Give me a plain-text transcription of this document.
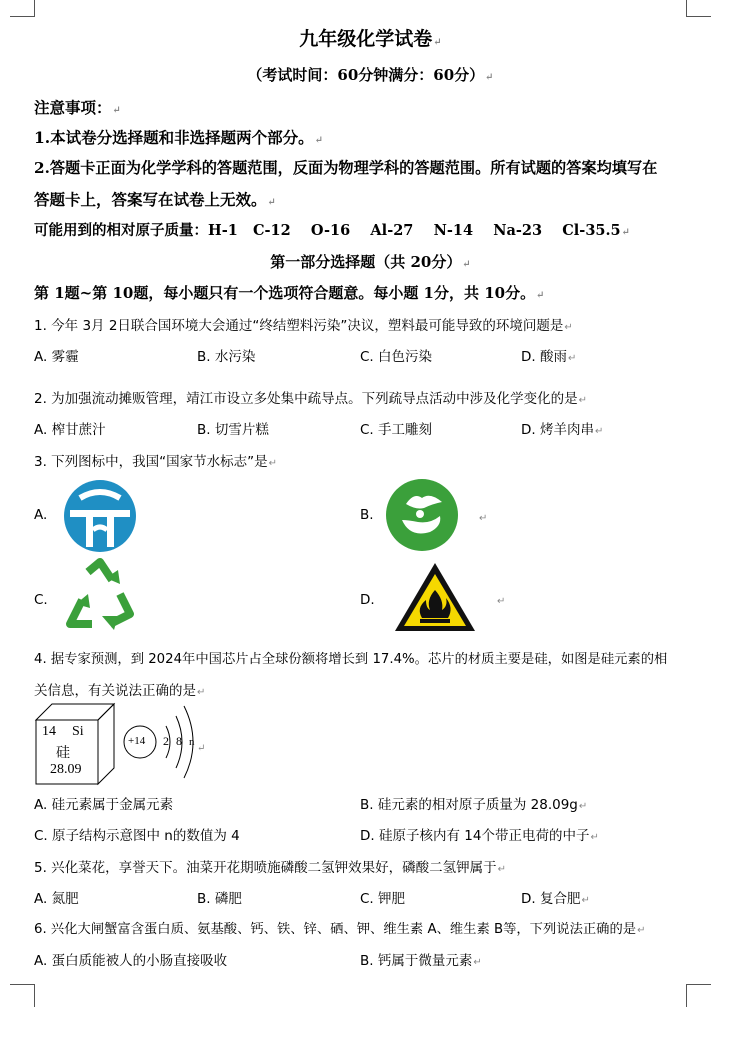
九年级化学试卷↵
（考试时间：60分钟满分：60分）↵
注意事项：↵
1.本试卷分选择题和非选择题两个部分。↵
2.答题卡正面为化学学科的答题范围，反面为物理学科的答题范围。所有试题的答案均填写在
答题卡上，答案写在试卷上无效。↵
可能用到的相对原子质量：H-1   C-12    O-16    Al-27    N-14    Na-23    Cl-35.5↵
第一部分选择题（共 20分）↵
第 1题~第 10题，每小题只有一个选项符合题意。每小题 1分，共 10分。↵
1. 今年 3月 2日联合国环境大会通过“终结塑料污染”决议，塑料最可能导致的环境问题是↵
A. 雾霾	B. 水污染	C. 白色污染	D. 酸雨↵
2. 为加强流动摊贩管理，靖江市设立多处集中疏导点。下列疏导点活动中涉及化学变化的是↵
A. 榨甘蔗汁	B. 切雪片糕	C. 手工雕刻	D. 烤羊肉串↵
3. 下列图标中，我国“国家节水标志”是↵
A.	B.	↵
C.	D.	↵
4. 据专家预测，到 2024年中国芯片占全球份额将增长到 17.4%。芯片的材质主要是硅，如图是硅元素的相
关信息，有关说法正确的是↵
14 Si
硅
28.09
+14 2 8 n
↵
A. 硅元素属于金属元素	B. 硅元素的相对原子质量为 28.09g↵
C. 原子结构示意图中 n的数值为 4	D. 硅原子核内有 14个带正电荷的中子↵
5. 兴化菜花，享誉天下。油菜开花期喷施磷酸二氢钾效果好，磷酸二氢钾属于↵
A. 氮肥	B. 磷肥	C. 钾肥	D. 复合肥↵
6. 兴化大闸蟹富含蛋白质、氨基酸、钙、铁、锌、硒、钾、维生素 A、维生素 B等，下列说法正确的是↵
A. 蛋白质能被人的小肠直接吸收	B. 钙属于微量元素↵
